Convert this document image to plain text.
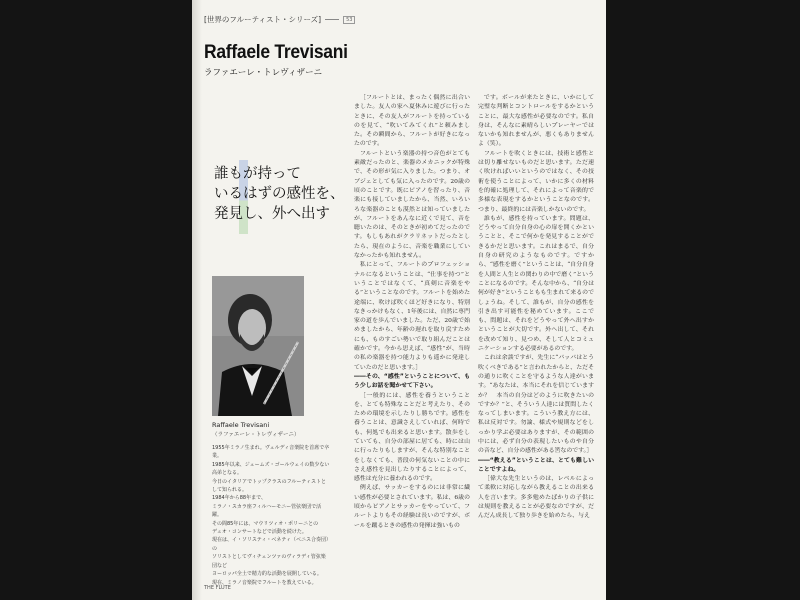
[世界のフルーティスト・シリーズ]	53
Raffaele Trevisani
ラファエーレ・トレヴィザーニ
誰もが持って
いるはずの感性を、
発見し、外へ出す
Raffaele Trevisani
（ラファエーレ・トレヴィザーニ）
1955年ミラノ生まれ。ヴェルディ音楽院を首席で卒業。
1985年以来、ジェームズ・ゴールウェイの数少ない高弟となる。
今日のイタリアでトップクラスのフルーティストとして知られる。
1984年から88年まで、
ミラノ・スカラ座フィルハーモニー管弦楽団で活躍。
その間85年には、マウリツィオ・ポリーニとの
デュオ・コンサートなどで活動を続けた。
現在は、イ・ソリスティ・ベネティ（ベニス合奏団）の
ソリストとしてヴィチェンツァのヴィラディ管弦楽団など
ヨーロッパ全土で精力的な活動を展開している。
現在、ミラノ音楽院でフルートを教えている。

［フルートとは、まったく偶然に出合いました。友人の家へ夏休みに遊びに行ったときに、その友人がフルートを持っているのを見て、“吹いてみてくれ”と頼みました。その瞬間から、フルートが好きになったのです。

フルートという楽器の持つ音色がとても素敵だったのと、楽器のメカニックが特殊で、その形が気に入りました。つまり、オブジェとしても気に入ったのです。20歳の頃のことです。既にピアノを習ったり、音楽にも接していましたから、当然、いろいろな楽器のことも漠然とは知っていましたが、フルートをあんなに近くで見て、音を聴いたのは、そのときが初めてだったのです。もしもあれがクラリネットだったとしたら、現在のように、音楽を職業にしていなかったかも知れません。

私にとって、フルートのプロフェッショナルになるということは、“仕事を持つ”ということではなくて、“真剣に音楽をやる”ということなのです。フルートを始めた途端に、吹けば吹くほど好きになり、特別なきっかけもなく、1年後には、自然に専門家の道を歩んでいました。ただ、20歳で始めましたから、年齢の遅れを取り戻すためにも、ものすごい勢いで取り組んだことは確かです。今から思えば、“感性”が、当時の私の楽器を持つ能力よりも遥かに発達していたのだと思います。］

――その、“感性”ということについて、もう少しお話を聞かせて下さい。

［一般的には、感性を養うということを、とても特殊なことだと考えたり、そのための環境を示したりし勝ちです。感性を養うことは、意識さえしていれば、何時でも、何処でも出来ると思います。散歩をしていても、自分の部屋に居ても、時には山に行ったりもしますが、そんな特別なことをしなくても、普段の何気ないことの中にさえ感性を見出したりすることによって、感性は充分に養われるのです。

例えば、サッカーをするのには非常に繊い感性が必要とされています。私は、6歳の頃からピアノとサッカーをやっていて、フルートよりもその経験は長いのですが、ボールを蹴るときの感性の発揮は強いもの

です。ボールが来たときに、いかにして完璧な判断とコントロールをするかということに、最大な感性が必要なのです。私自身は、そんなに素晴らしいプレーヤーではないかも知れませんが、悪くもありませんよ（笑）。

フルートを吹くときには、技術と感性とは切り離せないものだと思います。ただ速く吹ければいいというのではなく、その技術を使うことによって、いかに多くの材料を的確に処理して、それによって音楽的で多様な表現をするかということなのです。つまり、最終的には音楽しかないのです。

誰もが、感性を持っています。問題は、どうやって自分自身の心の扉を開くかということと、そこで何かを発見することができるかだと思います。これはまるで、自分自身の研究のようなものです。ですから、“感性を磨く”ということは、“自分自身を人間と人生との関わりの中で磨く”ということになるのです。そんな中から、“自分は何が好き”ということもも生まれて来るのでしょうね。そして、誰もが、自分の感性を引き出す可能性を秘めています。ここでも、問題は、それをどうやって外へ出すかということが大切です。外へ出して、それを改めて知り、見つめ、そして人とコミュニケーションする必要があるのです。

これは余談ですが、先生に“パッパはとう吹くべきである”と言われたからと、ただその通りに吹くことを守るような人達がいます。“あなたは、本当にそれを信じていますか？　本当の自分はどのように吹きたいのですか？”と、そういう人達には質問したくなってしまいます。こういう教え方には、私は反対です。勿論、様式や規則などをしっかり学ぶ必要はありますが、その範囲の中には、必ず自分の表現したいものや自分の音など、自分の感性がある筈なのです。］

――“教える”ということは、とても難しいことですよね。

［偉大な先生というのは、レベルによって柔軟に対応しながら教えることの出来る人を言います。多多勉めたばかりの子供には規則を教えることが必要なのですが、だんだん成長して独り歩きを始めたら、与え

THE FLUTE
